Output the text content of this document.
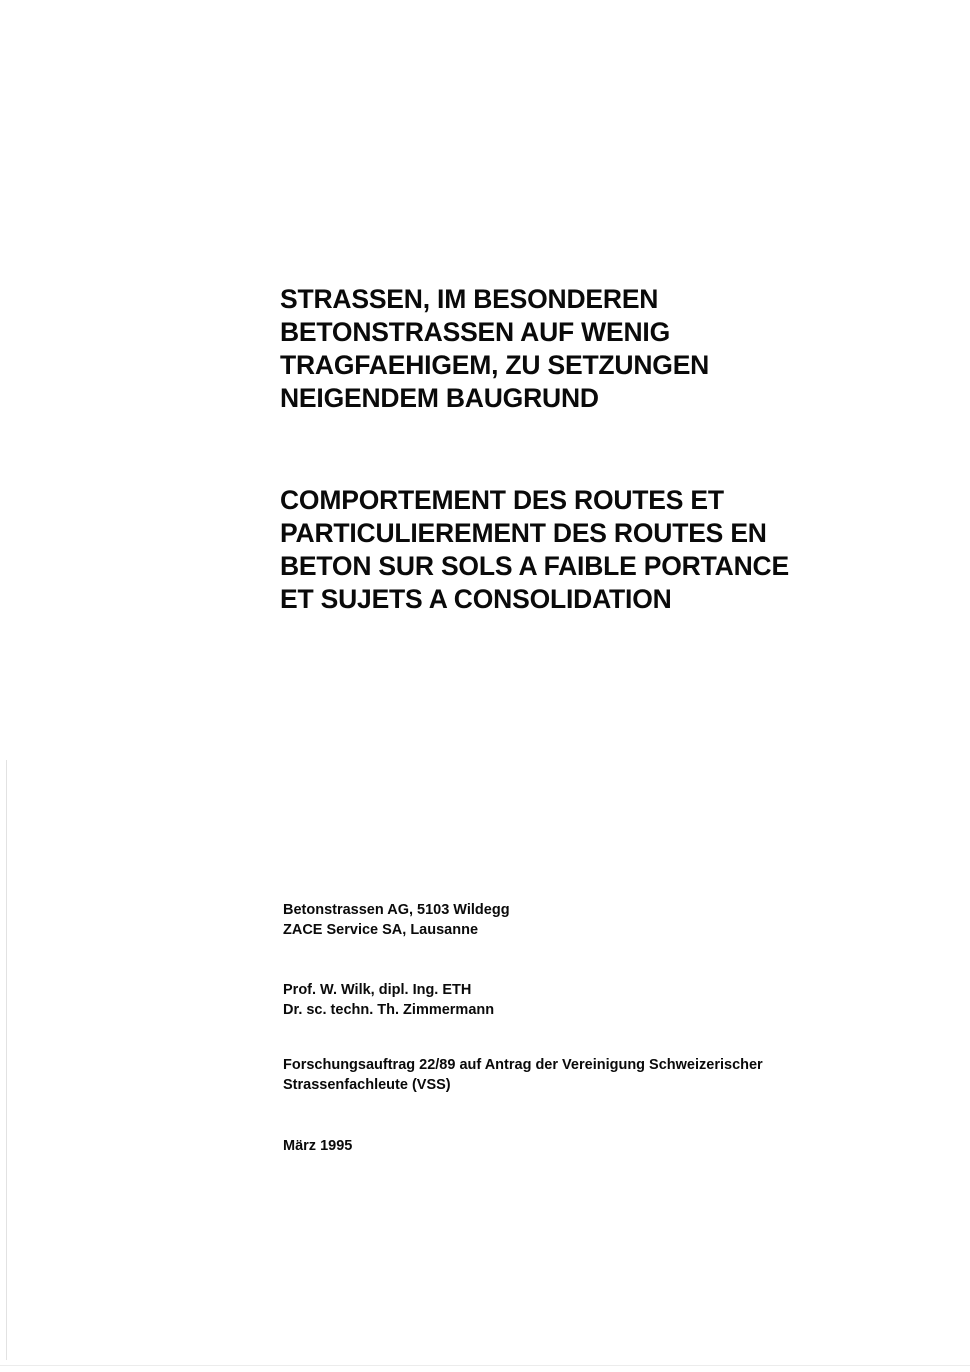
STRASSEN, IM BESONDEREN
BETONSTRASSEN AUF WENIG
TRAGFAEHIGEM, ZU SETZUNGEN
NEIGENDEM BAUGRUND
COMPORTEMENT DES ROUTES ET
PARTICULIEREMENT DES ROUTES EN
BETON SUR SOLS A FAIBLE PORTANCE
ET SUJETS A CONSOLIDATION
Betonstrassen AG, 5103 Wildegg
ZACE Service SA, Lausanne
Prof. W. Wilk, dipl. Ing. ETH
Dr. sc. techn. Th. Zimmermann
Forschungsauftrag 22/89 auf Antrag der Vereinigung Schweizerischer
Strassenfachleute (VSS)
März 1995
